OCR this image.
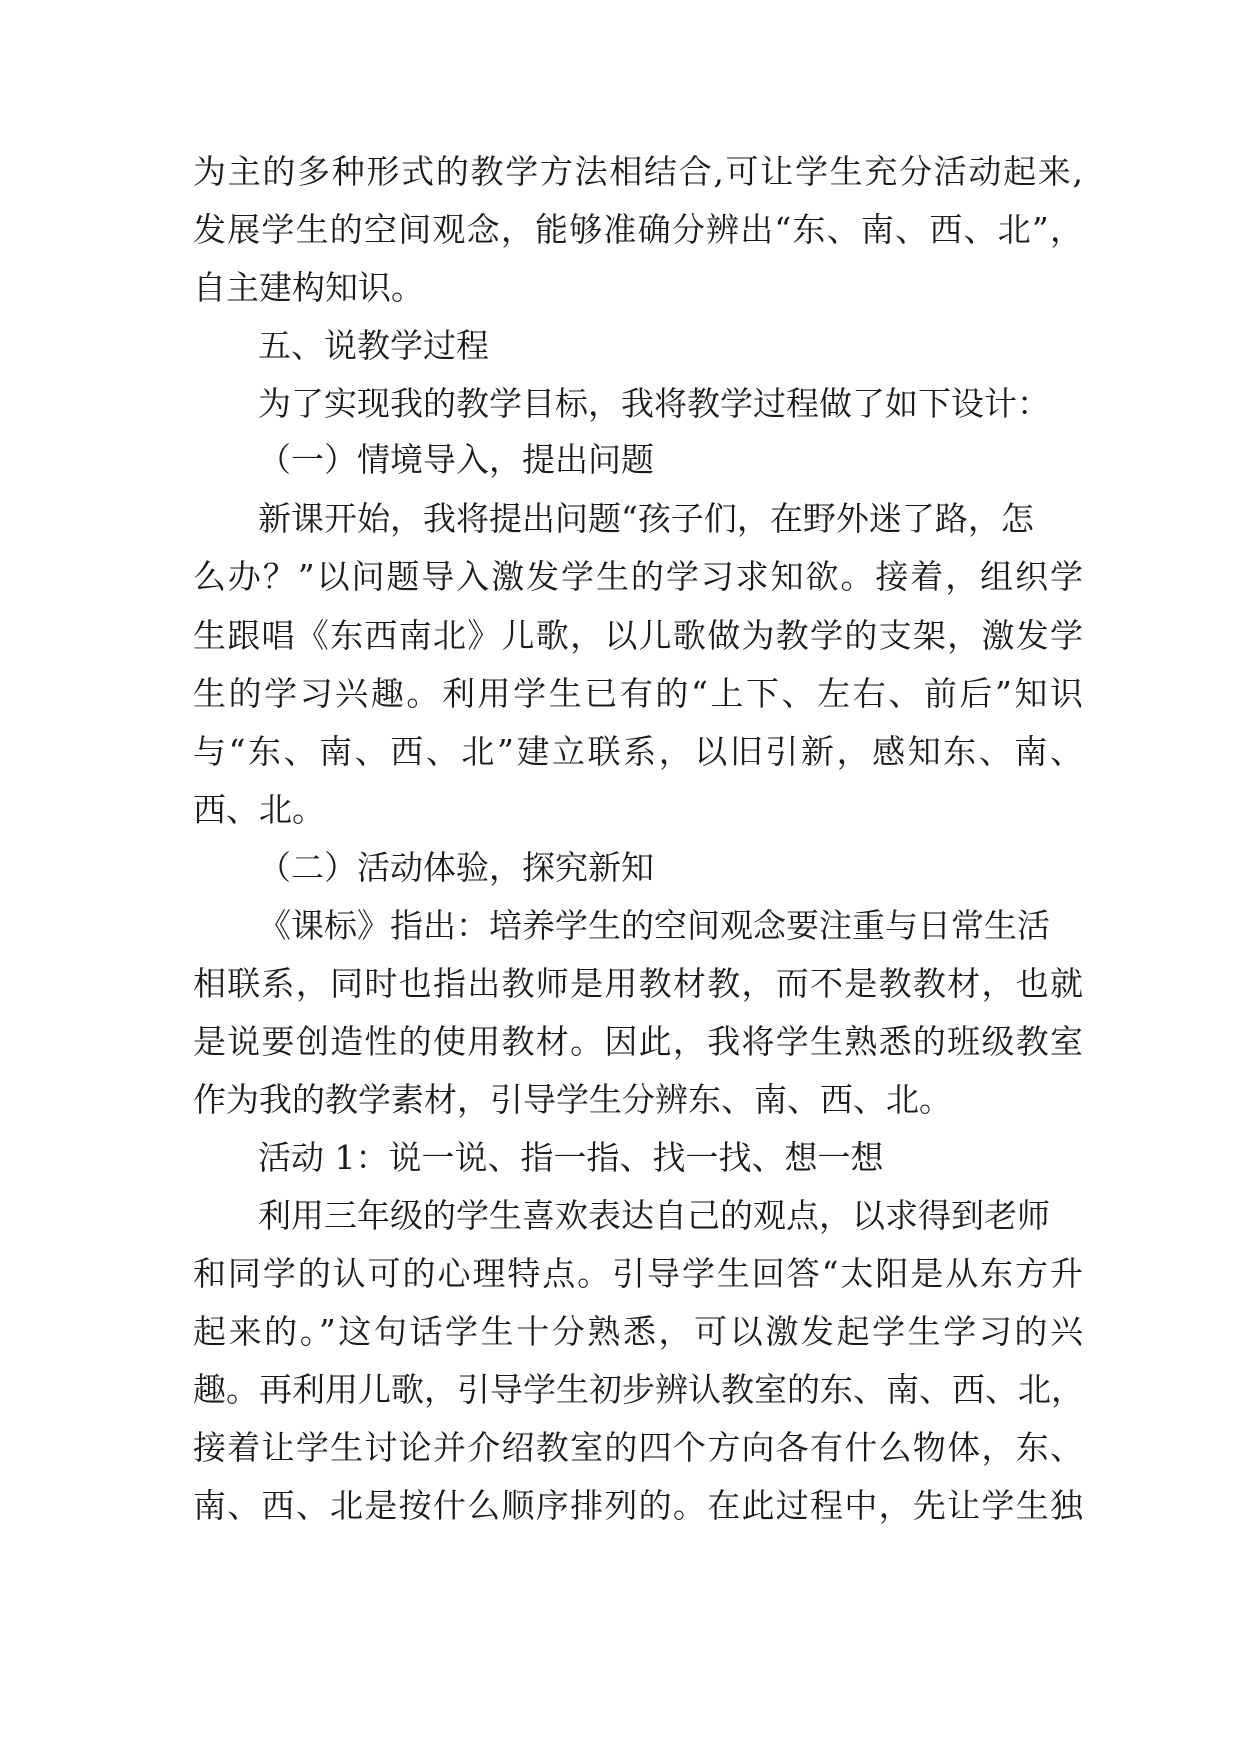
为主的多种形式的教学方法相结合,可让学生充分活动起来,

发展学生的空间观念，能够准确分辨出“东、南、西、北”，

自主建构知识。

五、说教学过程

为了实现我的教学目标，我将教学过程做了如下设计：

（一）情境导入，提出问题

新课开始，我将提出问题“孩子们，在野外迷了路，怎

么办？”以问题导入激发学生的学习求知欲。接着，组织学

生跟唱《东西南北》儿歌，以儿歌做为教学的支架，激发学

生的学习兴趣。利用学生已有的“上下、左右、前后”知识

与“东、南、西、北”建立联系，以旧引新，感知东、南、

西、北。

（二）活动体验，探究新知

《课标》指出：培养学生的空间观念要注重与日常生活

相联系，同时也指出教师是用教材教，而不是教教材，也就

是说要创造性的使用教材。因此，我将学生熟悉的班级教室

作为我的教学素材，引导学生分辨东、南、西、北。

活动 1：说一说、指一指、找一找、想一想

利用三年级的学生喜欢表达自己的观点，以求得到老师

和同学的认可的心理特点。引导学生回答“太阳是从东方升

起来的。”这句话学生十分熟悉，可以激发起学生学习的兴

趣。再利用儿歌，引导学生初步辨认教室的东、南、西、北，

接着让学生讨论并介绍教室的四个方向各有什么物体，东、

南、西、北是按什么顺序排列的。在此过程中，先让学生独
